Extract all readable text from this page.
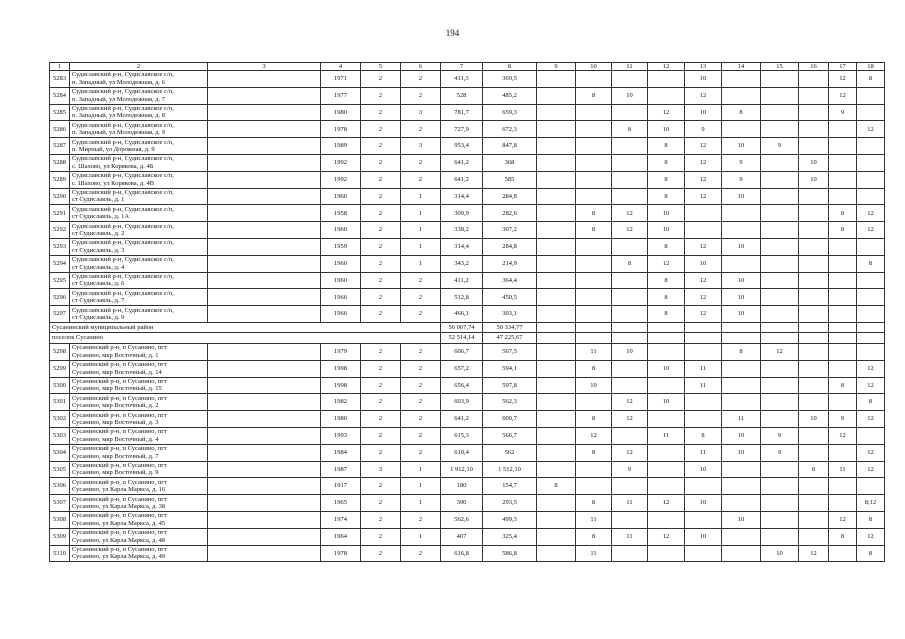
194
1	2	3	4	5	6	7	8	9	10	11	12	13	14	15	16	17	18
5283	Судиславский р-н, Судиславское с/п,
п. Западный, ул Молодежная, д. 6		1971	2	2	411,3	369,5					10				12	8
5284	Судиславский р-н, Судиславское с/п,
п. Западный, ул Молодежная, д. 7		1977	2	2	528	485,2		8	10		12				12	
5285	Судиславский р-н, Судиславское с/п,
п. Западный, ул Молодежная, д. 8		1980	2	3	781,7	659,3				12	10	8			9	
5286	Судиславский р-н, Судиславское с/п,
п. Западный, ул Молодежная, д. 9		1978	2	2	727,9	672,3			8	10	9					12
5287	Судиславский р-н, Судиславское с/п,
п. Мирный, ул Дорожная, д. 9		1989	2	3	953,4	847,8				8	12	10	9			
5288	Судиславский р-н, Судиславское с/п,
с. Шахово, ул Корякова, д. 4Б		1992	2	2	641,2	368				8	12	9		10		
5289	Судиславский р-н, Судиславское с/п,
с. Шахово, ул Корякова, д. 4В		1992	2	2	641,2	585				8	12	9		10		
5290	Судиславский р-н, Судиславское с/п,
ст Судиславль, д. 1		1960	2	1	314,4	284,8				8	12	10				
5291	Судиславский р-н, Судиславское с/п,
ст Судиславль, д. 1А		1958	2	1	309,9	282,6		8	12	10					8	12
5292	Судиславский р-н, Судиславское с/п,
ст Судиславль, д. 2		1960	2	1	338,2	307,2		8	12	10					8	12
5293	Судиславский р-н, Судиславское с/п,
ст Судиславль, д. 3		1959	2	1	314,4	284,8				8	12	10				
5294	Судиславский р-н, Судиславское с/п,
ст Судиславль, д. 4		1960	2	1	343,2	214,9			8	12	10					8
5295	Судиславский р-н, Судиславское с/п,
ст Судиславль, д. 6		1960	2	2	411,2	364,4				8	12	10				
5296	Судиславский р-н, Судиславское с/п,
ст Судиславль, д. 7		1966	2	2	512,8	450,5				8	12	10				
5297	Судиславский р-н, Судиславское с/п,
ст Судиславль, д. 9		1966	2	2	466,1	303,1				8	12	10				
Сусанинский муниципальный район						56 067,74	50 334,77										
поселок Сусанино						52 514,14	47 225,67										
5298	Сусанинский р-н, п Сусанино, пгт
Сусанино, мкр Восточный, д. 1		1979	2	2	606,7	567,5		11	10			8	12			
5299	Сусанинский р-н, п Сусанино, пгт
Сусанино, мкр Восточный, д. 14		1998	2	2	657,2	594,1		8		10	11					12
5300	Сусанинский р-н, п Сусанино, пгт
Сусанино, мкр Восточный, д. 15		1998	2	2	656,4	597,8		10			11				8	12
5301	Сусанинский р-н, п Сусанино, пгт
Сусанино, мкр Восточный, д. 2		1982	2	2	603,9	562,3			12	10						8
5302	Сусанинский р-н, п Сусанино, пгт
Сусанино, мкр Восточный, д. 3		1980	2	2	641,2	600,7		8	12			11		10	9	12
5303	Сусанинский р-н, п Сусанино, пгт
Сусанино, мкр Восточный, д. 4		1993	2	2	615,3	566,7		12		11	8	10	9		12	
5304	Сусанинский р-н, п Сусанино, пгт
Сусанино, мкр Восточный, д. 7		1984	2	2	610,4	562		8	12		11	10	9			12
5305	Сусанинский р-н, п Сусанино, пгт
Сусанино, мкр Восточный, д. 9		1987	3	1	1 912,10	1 512,10			9		10			8	11	12
5306	Сусанинский р-н, п Сусанино, пгт
Сусанино, ул Карла Маркса, д. 16		1917	2	1	180	154,7	8									
5307	Сусанинский р-н, п Сусанино, пгт
Сусанино, ул Карла Маркса, д. 38		1965	2	1	390	293,5		8	11	12	10					8;12
5308	Сусанинский р-н, п Сусанино, пгт
Сусанино, ул Карла Маркса, д. 45		1974	2	2	562,6	499,3		11				10			12	8
5309	Сусанинский р-н, п Сусанино, пгт
Сусанино, ул Карла Маркса, д. 48		1964	2	1	407	325,4		8	11	12	10				8	12
5310	Сусанинский р-н, п Сусанино, пгт
Сусанино, ул Карла Маркса, д. 49		1978	2	2	616,8	586,8		11					10	12		8
